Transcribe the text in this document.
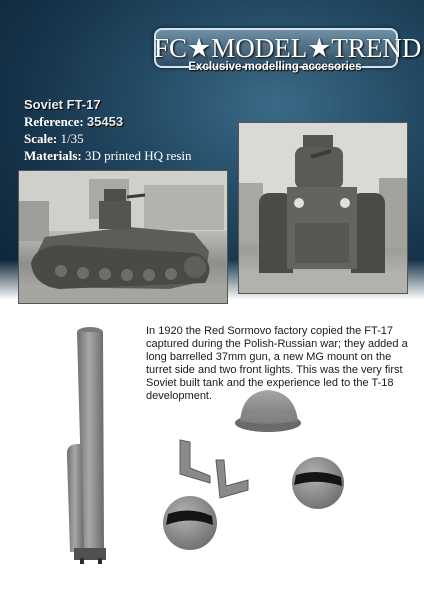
FC★MODEL★TREND
Exclusive modelling accesories
Soviet FT-17
Reference: 35453
Scale: 1/35
Materials: 3D printed HQ resin
In 1920 the Red Sormovo factory copied the FT-17 captured during the Polish-Russian war; they added a long barrelled 37mm gun, a new MG mount on the turret side and two front lights. This was the very first Soviet built tank and the experience led to the T-18 development.
